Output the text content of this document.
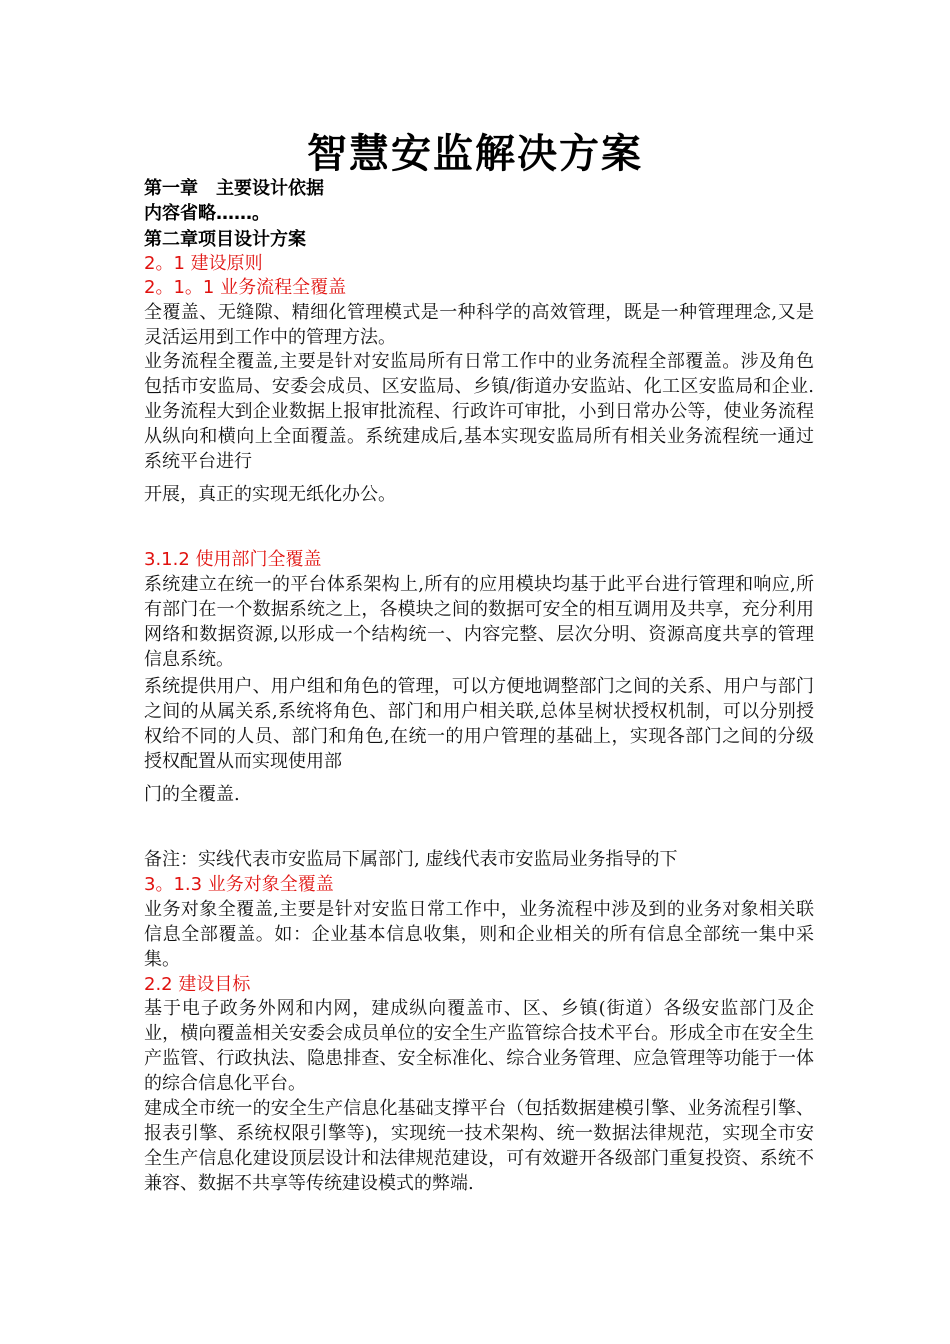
智慧安监解决方案
第一章　主要设计依据
内容省略……。
第二章项目设计方案
2。1 建设原则
2。1。1 业务流程全覆盖
全覆盖、无缝隙、精细化管理模式是一种科学的高效管理，既是一种管理理念,又是灵活运用到工作中的管理方法。
业务流程全覆盖,主要是针对安监局所有日常工作中的业务流程全部覆盖。涉及角色包括市安监局、安委会成员、区安监局、乡镇/街道办安监站、化工区安监局和企业.业务流程大到企业数据上报审批流程、行政许可审批，小到日常办公等，使业务流程从纵向和横向上全面覆盖。系统建成后,基本实现安监局所有相关业务流程统一通过系统平台进行
开展，真正的实现无纸化办公。
3.1.2 使用部门全覆盖
系统建立在统一的平台体系架构上,所有的应用模块均基于此平台进行管理和响应,所有部门在一个数据系统之上，各模块之间的数据可安全的相互调用及共享，充分利用网络和数据资源,以形成一个结构统一、内容完整、层次分明、资源高度共享的管理信息系统。
系统提供用户、用户组和角色的管理，可以方便地调整部门之间的关系、用户与部门之间的从属关系,系统将角色、部门和用户相关联,总体呈树状授权机制，可以分别授权给不同的人员、部门和角色,在统一的用户管理的基础上，实现各部门之间的分级授权配置从而实现使用部
门的全覆盖.
备注：实线代表市安监局下属部门, 虚线代表市安监局业务指导的下
3。1.3 业务对象全覆盖
业务对象全覆盖,主要是针对安监日常工作中，业务流程中涉及到的业务对象相关联信息全部覆盖。如：企业基本信息收集，则和企业相关的所有信息全部统一集中采集。
2.2 建设目标
基于电子政务外网和内网，建成纵向覆盖市、区、乡镇(街道）各级安监部门及企业，横向覆盖相关安委会成员单位的安全生产监管综合技术平台。形成全市在安全生产监管、行政执法、隐患排查、安全标准化、综合业务管理、应急管理等功能于一体的综合信息化平台。
建成全市统一的安全生产信息化基础支撑平台（包括数据建模引擎、业务流程引擎、报表引擎、系统权限引擎等)，实现统一技术架构、统一数据法律规范，实现全市安全生产信息化建设顶层设计和法律规范建设，可有效避开各级部门重复投资、系统不兼容、数据不共享等传统建设模式的弊端.
